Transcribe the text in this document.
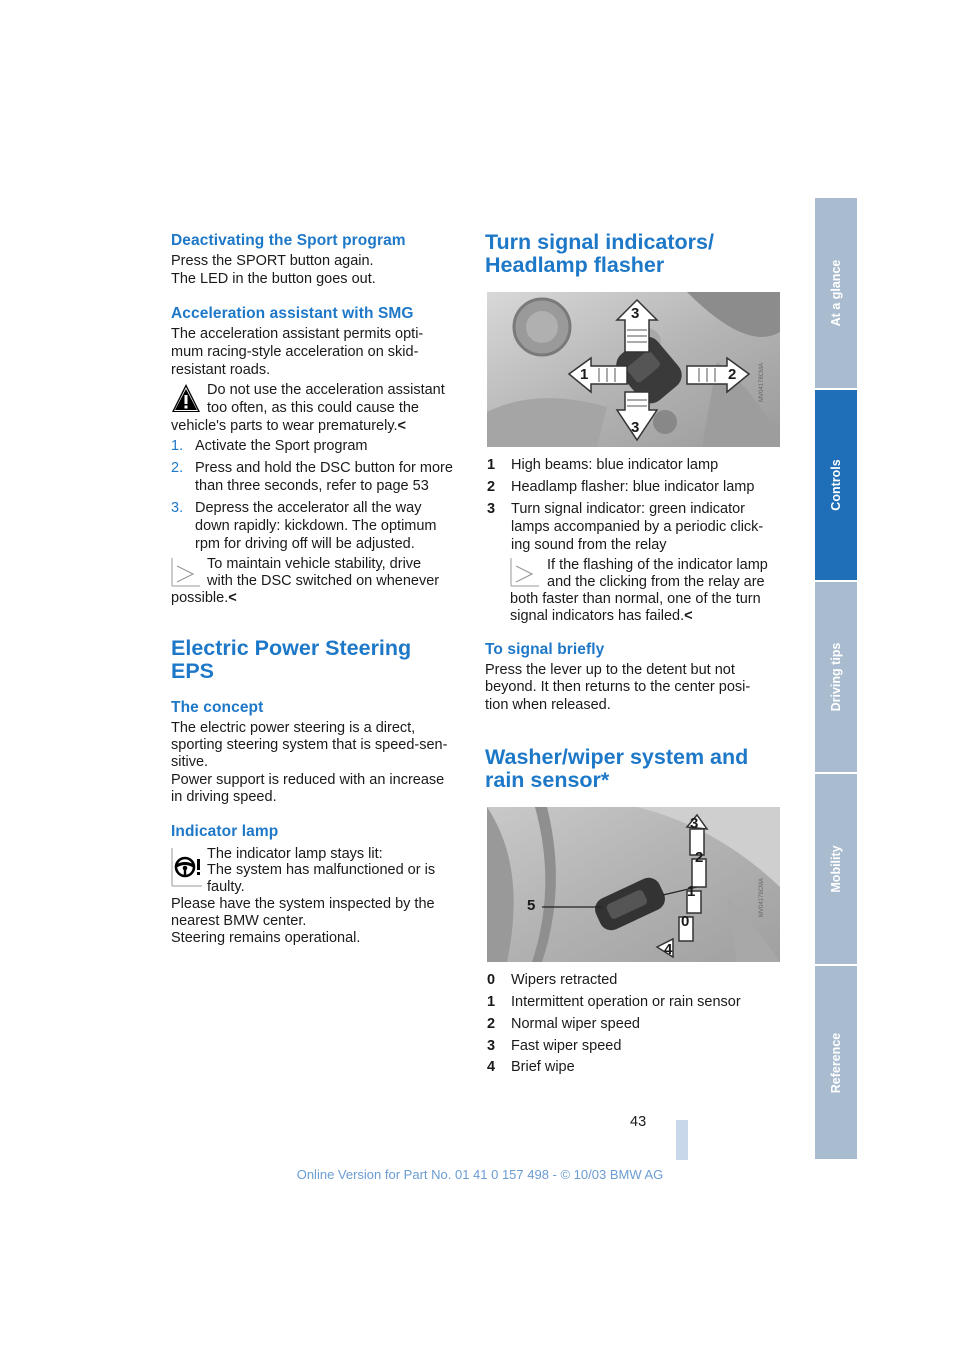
Deactivating the Sport program
Press the SPORT button again.
The LED in the button goes out.
Acceleration assistant with SMG
The acceleration assistant permits opti-
mum racing-style acceleration on skid-
resistant roads.
Do not use the acceleration assistant
too often, as this could cause the
vehicle's parts to wear prematurely.<
1. Activate the Sport program
2. Press and hold the DSC button for more
than three seconds, refer to page 53
3. Depress the accelerator all the way
down rapidly: kickdown. The optimum
rpm for driving off will be adjusted.
To maintain vehicle stability, drive
with the DSC switched on whenever
possible.<
Electric Power Steering
EPS
The concept
The electric power steering is a direct,
sporting steering system that is speed-sen-
sitive.
Power support is reduced with an increase
in driving speed.
Indicator lamp
The indicator lamp stays lit:
The system has malfunctioned or is
faulty.
Please have the system inspected by the
nearest BMW center.
Steering remains operational.
Turn signal indicators/
Headlamp flasher
3
3
1	2	MV04178CMA
1 High beams: blue indicator lamp
2 Headlamp flasher: blue indicator lamp
3 Turn signal indicator: green indicator
lamps accompanied by a periodic click-
ing sound from the relay
If the flashing of the indicator lamp
and the clicking from the relay are
both faster than normal, one of the turn
signal indicators has failed.<
To signal briefly
Press the lever up to the detent but not
beyond. It then returns to the center posi-
tion when released.
Washer/wiper system and
rain sensor*
3
2
1
0
4
5	MV04179CMA
0 Wipers retracted
1 Intermittent operation or rain sensor
2 Normal wiper speed
3 Fast wiper speed
4 Brief wipe
At a glance
Controls
Driving tips
Mobility
Reference
43
Online Version for Part No. 01 41 0 157 498 - © 10/03 BMW AG
